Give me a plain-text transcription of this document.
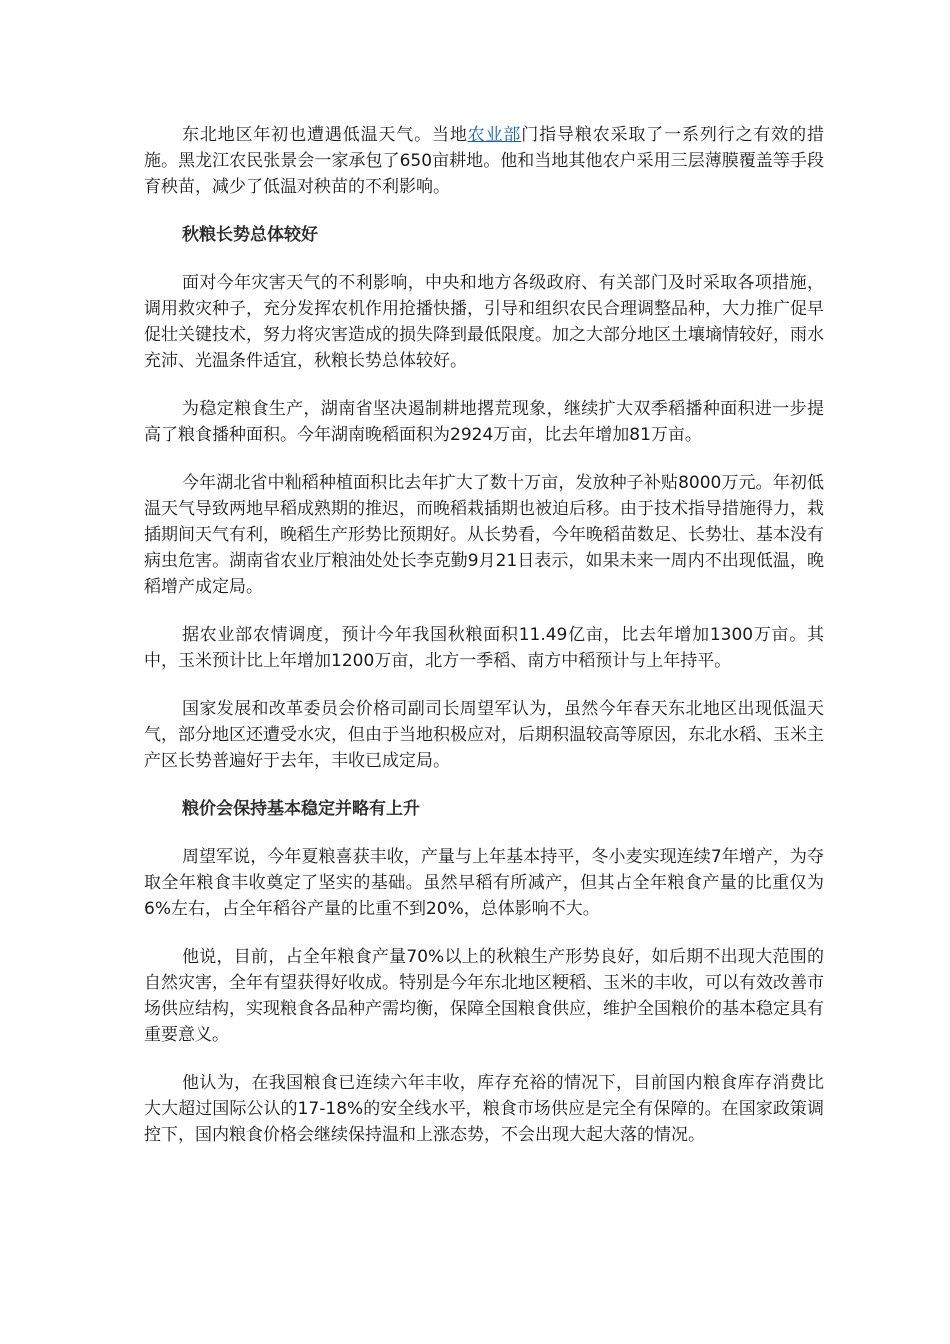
东北地区年初也遭遇低温天气。当地农业部门指导粮农采取了一系列行之有效的措施。黑龙江农民张景会一家承包了650亩耕地。他和当地其他农户采用三层薄膜覆盖等手段育秧苗，减少了低温对秧苗的不利影响。

秋粮长势总体较好

面对今年灾害天气的不利影响，中央和地方各级政府、有关部门及时采取各项措施，调用救灾种子，充分发挥农机作用抢播快播，引导和组织农民合理调整品种，大力推广促早促壮关键技术，努力将灾害造成的损失降到最低限度。加之大部分地区土壤墒情较好，雨水充沛、光温条件适宜，秋粮长势总体较好。

为稳定粮食生产，湖南省坚决遏制耕地撂荒现象，继续扩大双季稻播种面积进一步提高了粮食播种面积。今年湖南晚稻面积为2924万亩，比去年增加81万亩。

今年湖北省中籼稻种植面积比去年扩大了数十万亩，发放种子补贴8000万元。年初低温天气导致两地早稻成熟期的推迟，而晚稻栽插期也被迫后移。由于技术指导措施得力，栽插期间天气有利，晚稻生产形势比预期好。从长势看，今年晚稻苗数足、长势壮、基本没有病虫危害。湖南省农业厅粮油处处长李克勤9月21日表示，如果未来一周内不出现低温，晚稻增产成定局。

据农业部农情调度，预计今年我国秋粮面积11.49亿亩，比去年增加1300万亩。其中，玉米预计比上年增加1200万亩，北方一季稻、南方中稻预计与上年持平。

国家发展和改革委员会价格司副司长周望军认为，虽然今年春天东北地区出现低温天气，部分地区还遭受水灾，但由于当地积极应对，后期积温较高等原因，东北水稻、玉米主产区长势普遍好于去年，丰收已成定局。

粮价会保持基本稳定并略有上升

周望军说，今年夏粮喜获丰收，产量与上年基本持平，冬小麦实现连续7年增产，为夺取全年粮食丰收奠定了坚实的基础。虽然早稻有所减产，但其占全年粮食产量的比重仅为6%左右，占全年稻谷产量的比重不到20%，总体影响不大。

他说，目前，占全年粮食产量70%以上的秋粮生产形势良好，如后期不出现大范围的自然灾害，全年有望获得好收成。特别是今年东北地区粳稻、玉米的丰收，可以有效改善市场供应结构，实现粮食各品种产需均衡，保障全国粮食供应，维护全国粮价的基本稳定具有重要意义。

他认为，在我国粮食已连续六年丰收，库存充裕的情况下，目前国内粮食库存消费比大大超过国际公认的17-18%的安全线水平，粮食市场供应是完全有保障的。在国家政策调控下，国内粮食价格会继续保持温和上涨态势，不会出现大起大落的情况。
